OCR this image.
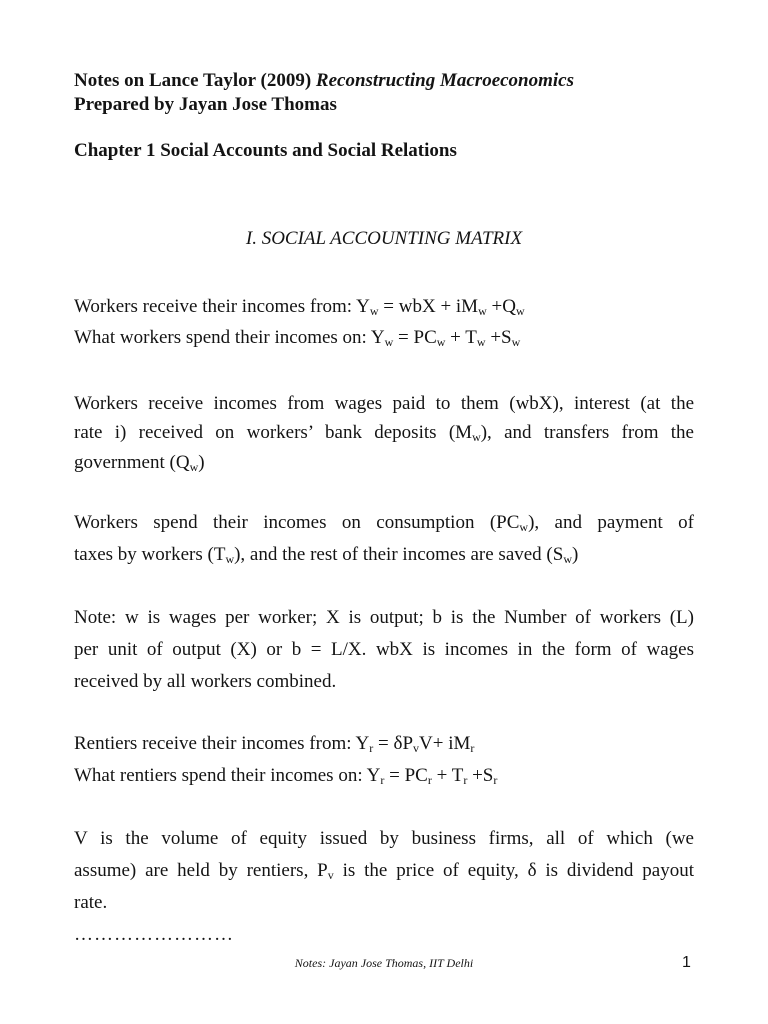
Notes on Lance Taylor (2009) Reconstructing Macroeconomics
Prepared by Jayan Jose Thomas
Chapter 1 Social Accounts and Social Relations
I. SOCIAL ACCOUNTING MATRIX
Workers receive their incomes from: $Y_w$ = wbX + $iM_w +Q_w$
What workers spend their incomes on: $Y_w = PC_w + T_w +S_w$
Workers receive incomes from wages paid to them (wbX), interest (at the
rate i) received on workers’ bank deposits $(M_w)$, and transfers from the
government $(Q_w)$
Workers spend their incomes on consumption $(PC_w)$, and payment of
taxes by workers $(T_w)$, and the rest of their incomes are saved $(S_w)$
Note: w is wages per worker; X is output; b is the Number of workers (L)
per unit of output (X) or b = L/X. wbX is incomes in the form of wages
received by all workers combined.
Rentiers receive their incomes from: $Y_r = \delta P_vV+ iM_r$
What rentiers spend their incomes on: $Y_r = PC_r + T_r +S_r$
V is the volume of equity issued by business firms, all of which (we
assume) are held by rentiers, $P_v$ is the price of equity, δ is dividend payout
rate.
……………………
Notes: Jayan Jose Thomas, IIT Delhi	1
